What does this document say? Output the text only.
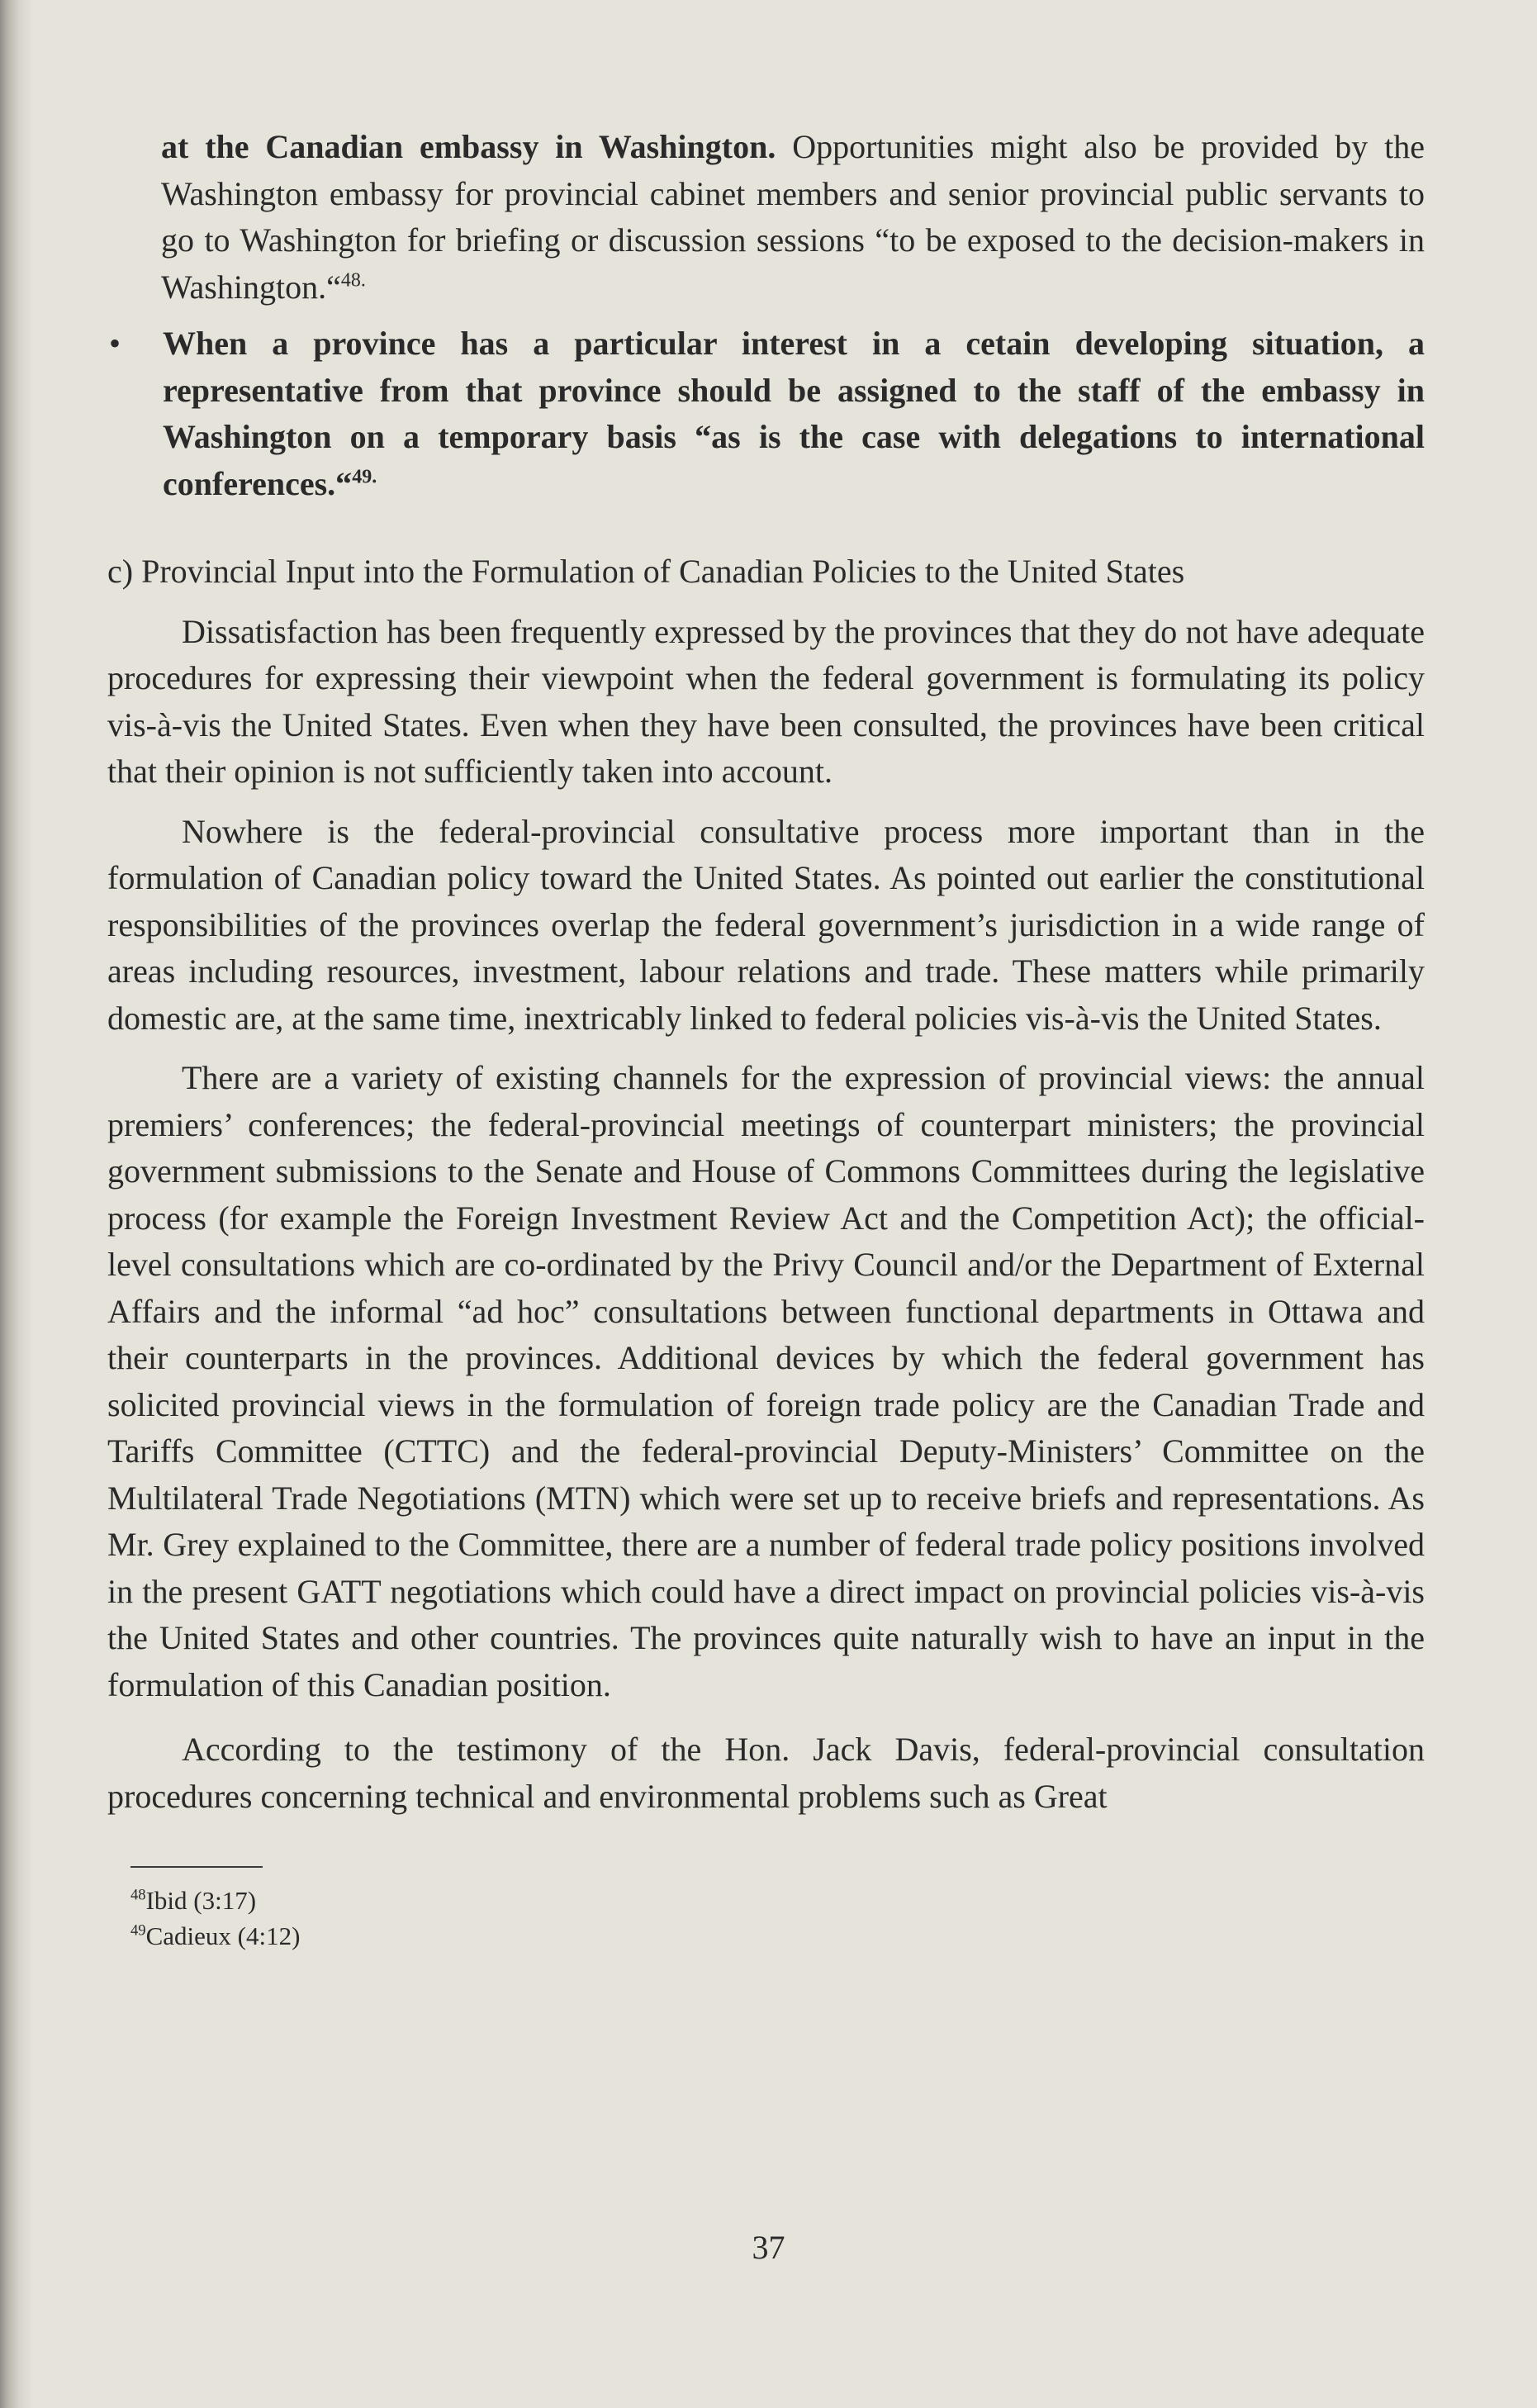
at the Canadian embassy in Washington. Opportunities might also be provided by the Washington embassy for provincial cabinet members and senior provincial public servants to go to Washington for briefing or discussion sessions “to be exposed to the decision-makers in Washington.“$^{48.}$

•	When a province has a particular interest in a cetain developing situation, a representative from that province should be assigned to the staff of the embassy in Washington on a temporary basis “as is the case with delegations to international conferences.“$^{49.}$

c) Provincial Input into the Formulation of Canadian Policies to the United States

Dissatisfaction has been frequently expressed by the provinces that they do not have adequate procedures for expressing their viewpoint when the federal government is formulating its policy vis-à-vis the United States. Even when they have been consulted, the provinces have been critical that their opinion is not sufficiently taken into account.

Nowhere is the federal-provincial consultative process more important than in the formulation of Canadian policy toward the United States. As pointed out earlier the constitutional responsibilities of the provinces overlap the federal government’s jurisdiction in a wide range of areas including resources, investment, labour relations and trade. These matters while primarily domestic are, at the same time, inextricably linked to federal policies vis-à-vis the United States.

There are a variety of existing channels for the expression of provincial views: the annual premiers’ conferences; the federal-provincial meetings of counterpart ministers; the provincial government submissions to the Senate and House of Commons Committees during the legislative process (for example the Foreign Investment Review Act and the Competition Act); the official-level consultations which are co-ordinated by the Privy Council and/or the Department of External Affairs and the informal “ad hoc” consultations between functional departments in Ottawa and their counterparts in the provinces. Additional devices by which the federal government has solicited provincial views in the formulation of foreign trade policy are the Canadian Trade and Tariffs Committee (CTTC) and the federal-provincial Deputy-Ministers’ Committee on the Multilateral Trade Negotiations (MTN) which were set up to receive briefs and representations. As Mr. Grey explained to the Committee, there are a number of federal trade policy positions involved in the present GATT negotiations which could have a direct impact on provincial policies vis-à-vis the United States and other countries. The provinces quite naturally wish to have an input in the formulation of this Canadian position.

According to the testimony of the Hon. Jack Davis, federal-provincial consultation procedures concerning technical and environmental problems such as Great

$^{48}$Ibid (3:17)

$^{49}$Cadieux (4:12)

37
